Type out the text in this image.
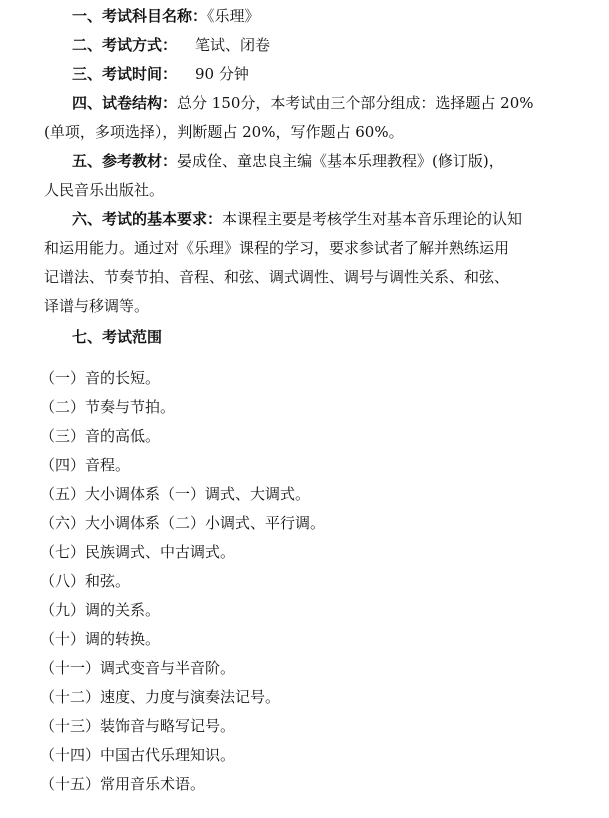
一、考试科目名称：《乐理》
二、考试方式： 笔试、闭卷
三、考试时间： 90 分钟
四、试卷结构：总分 150分，本考试由三个部分组成：选择题占 20%
(单项，多项选择），判断题占 20%，写作题占 60%。
五、参考教材：晏成佺、童忠良主编《基本乐理教程》(修订版)，
人民音乐出版社。
六、考试的基本要求：本课程主要是考核学生对基本音乐理论的认知
和运用能力。通过对《乐理》课程的学习，要求参试者了解并熟练运用
记谱法、节奏节拍、音程、和弦、调式调性、调号与调性关系、和弦、
译谱与移调等。
七、考试范围
（一）音的长短。
（二）节奏与节拍。
（三）音的高低。
（四）音程。
（五）大小调体系（一）调式、大调式。
（六）大小调体系（二）小调式、平行调。
（七）民族调式、中古调式。
（八）和弦。
（九）调的关系。
（十）调的转换。
（十一）调式变音与半音阶。
（十二）速度、力度与演奏法记号。
（十三）装饰音与略写记号。
（十四）中国古代乐理知识。
（十五）常用音乐术语。
